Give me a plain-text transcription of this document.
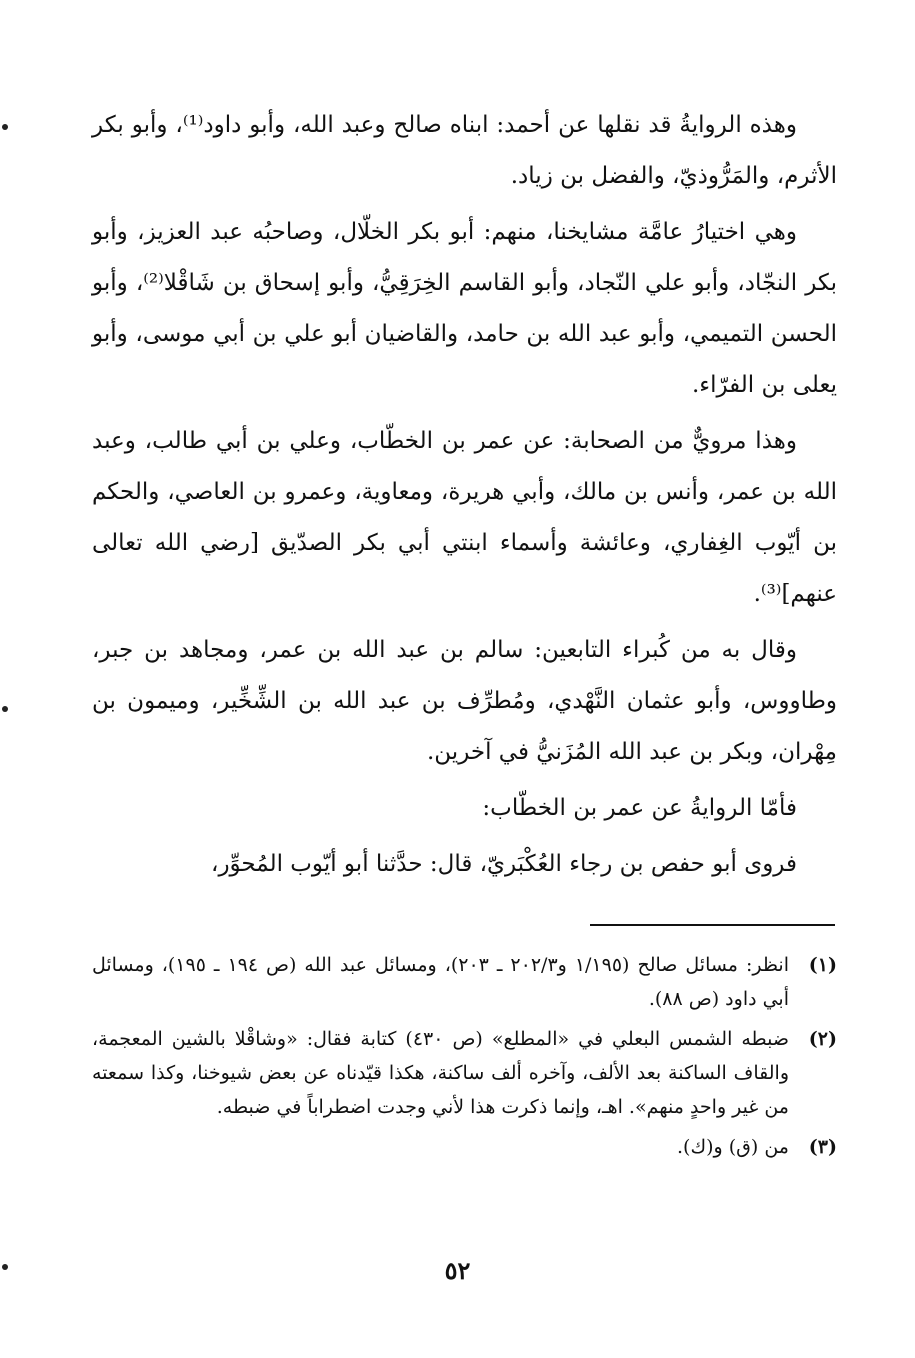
وهذه الروايةُ قد نقلها عن أحمد: ابناه صالح وعبد الله، وأبو داود⁽¹⁾، وأبو بكر الأثرم، والمَرُّوذيّ، والفضل بن زياد.

وهي اختيارُ عامَّة مشايخنا، منهم: أبو بكر الخلّال، وصاحبُه عبد العزيز، وأبو بكر النجّاد، وأبو علي النّجاد، وأبو القاسم الخِرَقِيُّ، وأبو إسحاق بن شَاقْلا⁽²⁾، وأبو الحسن التميمي، وأبو عبد الله بن حامد، والقاضيان أبو علي بن أبي موسى، وأبو يعلى بن الفرّاء.

وهذا مرويٌّ من الصحابة: عن عمر بن الخطّاب، وعلي بن أبي طالب، وعبد الله بن عمر، وأنس بن مالك، وأبي هريرة، ومعاوية، وعمرو بن العاصي، والحكم بن أيّوب الغِفاري، وعائشة وأسماء ابنتي أبي بكر الصدّيق [رضي الله تعالى عنهم]⁽³⁾.

وقال به من كُبراء التابعين: سالم بن عبد الله بن عمر، ومجاهد بن جبر، وطاووس، وأبو عثمان النَّهْدي، ومُطرِّف بن عبد الله بن الشِّخِّير، وميمون بن مِهْران، وبكر بن عبد الله المُزَنيُّ في آخرين.

فأمّا الروايةُ عن عمر بن الخطّاب:

فروى أبو حفص بن رجاء العُكْبَريّ، قال: حدَّثنا أبو أيّوب المُحوِّر،

(١)
انظر: مسائل صالح (١/١٩٥ و٢٠٢/٣ ـ ٢٠٣)، ومسائل عبد الله (ص ١٩٤ ـ ١٩٥)، ومسائل أبي داود (ص ٨٨).
(٢)
ضبطه الشمس البعلي في «المطلع» (ص ٤٣٠) كتابة فقال: «وشاقْلا بالشين المعجمة، والقاف الساكنة بعد الألف، وآخره ألف ساكنة، هكذا قيّدناه عن بعض شيوخنا، وكذا سمعته من غير واحدٍ منهم». اهـ، وإنما ذكرت هذا لأني وجدت اضطراباً في ضبطه.
(٣)
من (ق) و(ك).
٥٢
